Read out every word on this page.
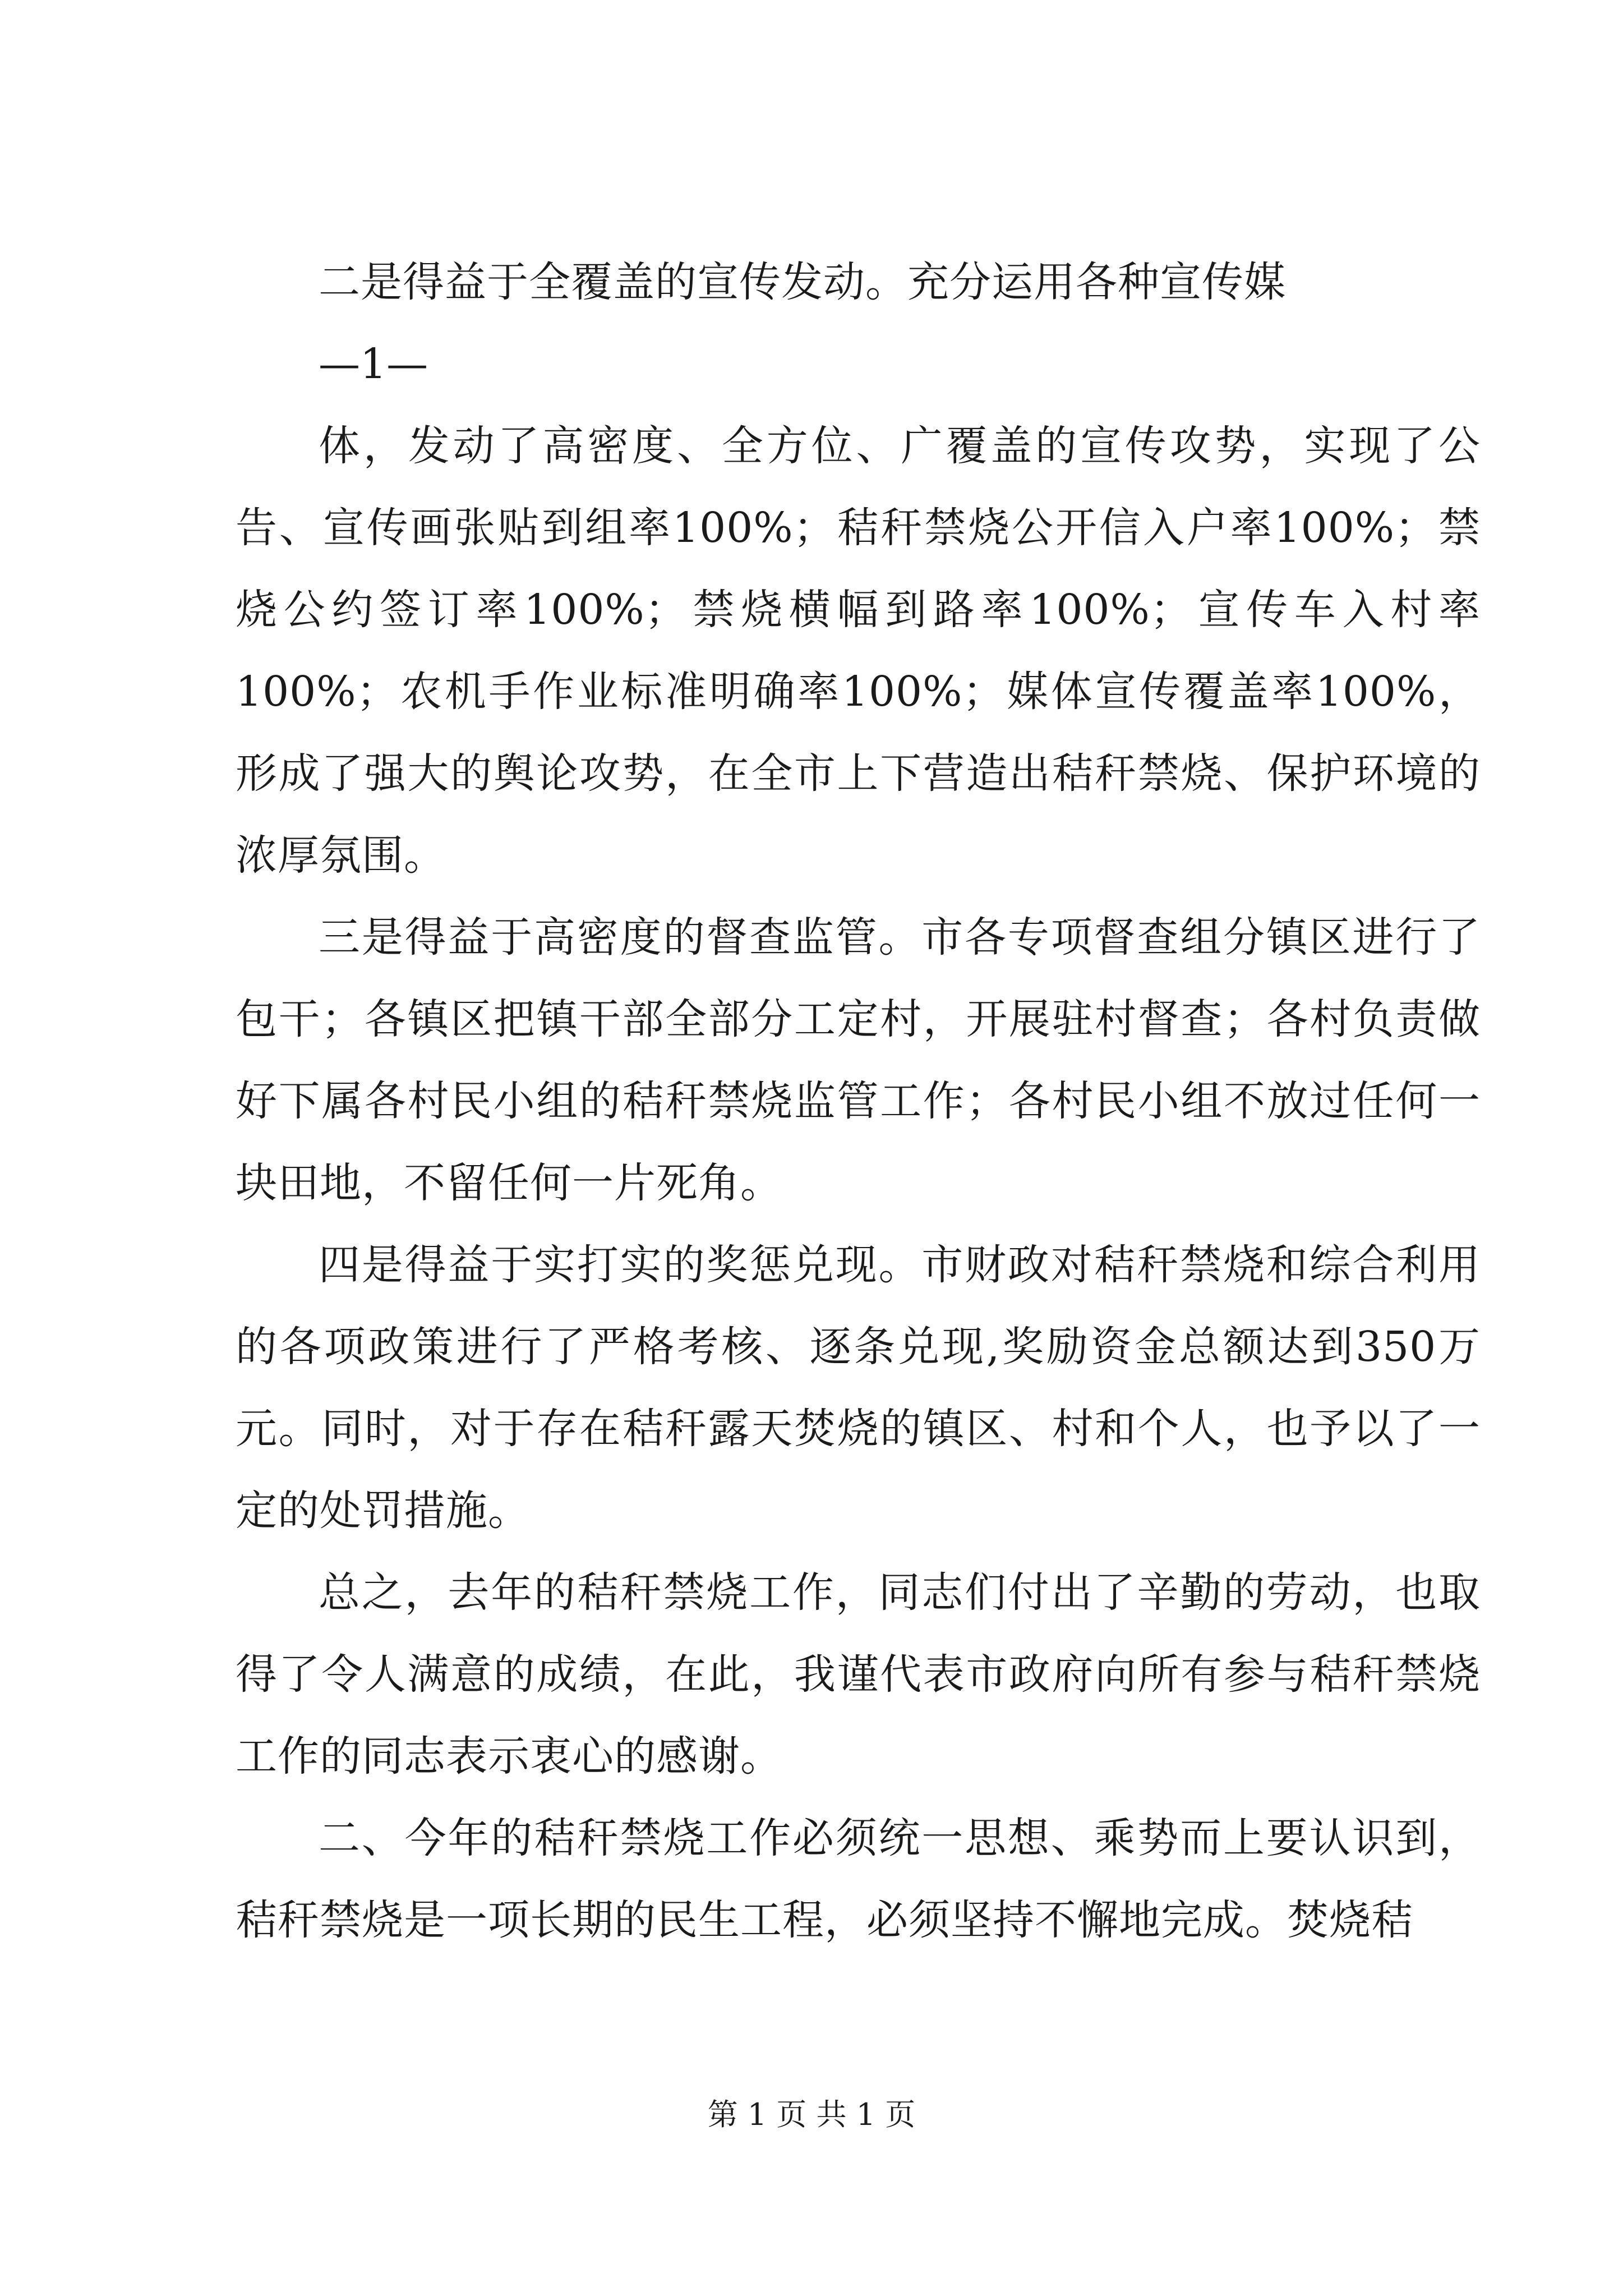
二是得益于全覆盖的宣传发动。充分运用各种宣传媒

—1—

体，发动了高密度、全方位、广覆盖的宣传攻势，实现了公告、宣传画张贴到组率100%；秸秆禁烧公开信入户率100%；禁烧公约签订率100%；禁烧横幅到路率100%；宣传车入村率100%；农机手作业标准明确率100%；媒体宣传覆盖率100%，形成了强大的舆论攻势，在全市上下营造出秸秆禁烧、保护环境的浓厚氛围。

三是得益于高密度的督查监管。市各专项督查组分镇区进行了包干；各镇区把镇干部全部分工定村，开展驻村督查；各村负责做好下属各村民小组的秸秆禁烧监管工作；各村民小组不放过任何一块田地，不留任何一片死角。

四是得益于实打实的奖惩兑现。市财政对秸秆禁烧和综合利用的各项政策进行了严格考核、逐条兑现,奖励资金总额达到350万元。同时，对于存在秸秆露天焚烧的镇区、村和个人，也予以了一定的处罚措施。

总之，去年的秸秆禁烧工作，同志们付出了辛勤的劳动，也取得了令人满意的成绩，在此，我谨代表市政府向所有参与秸秆禁烧工作的同志表示衷心的感谢。

二、今年的秸秆禁烧工作必须统一思想、乘势而上要认识到，秸秆禁烧是一项长期的民生工程，必须坚持不懈地完成。焚烧秸

第 1 页 共 1 页
